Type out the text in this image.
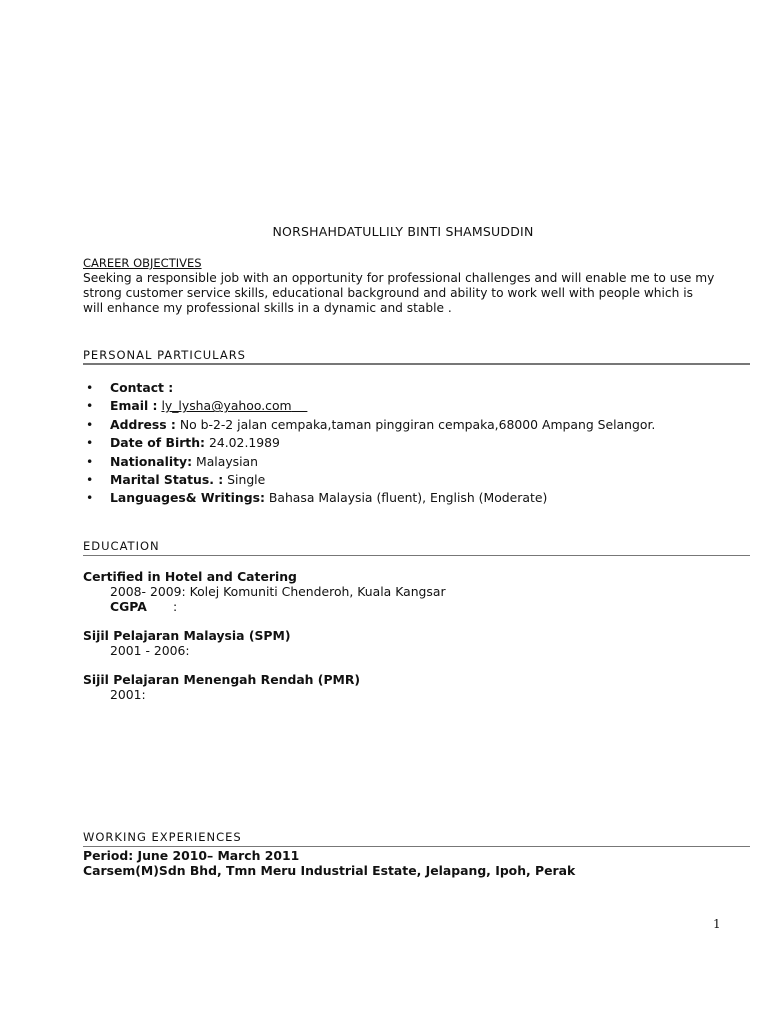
NORSHAHDATULLILY BINTI SHAMSUDDIN
CAREER OBJECTIVES
Seeking a responsible job with an opportunity for professional challenges and will enable me to use my
strong customer service skills, educational background and ability to work well with people which is
will enhance my professional skills in a dynamic and stable .
PERSONAL PARTICULARS
• Contact :
• Email : ly_lysha@yahoo.com
• Address : No b-2-2 jalan cempaka,taman pinggiran cempaka,68000 Ampang Selangor.
• Date of Birth: 24.02.1989
• Nationality: Malaysian
• Marital Status. : Single
• Languages& Writings: Bahasa Malaysia (fluent), English (Moderate)
EDUCATION
Certified in Hotel and Catering
2008- 2009: Kolej Komuniti Chenderoh, Kuala Kangsar
CGPA :
Sijil Pelajaran Malaysia (SPM)
2001 - 2006:
Sijil Pelajaran Menengah Rendah (PMR)
2001:
WORKING EXPERIENCES
Period: June 2010– March 2011
Carsem(M)Sdn Bhd, Tmn Meru Industrial Estate, Jelapang, Ipoh, Perak
1
